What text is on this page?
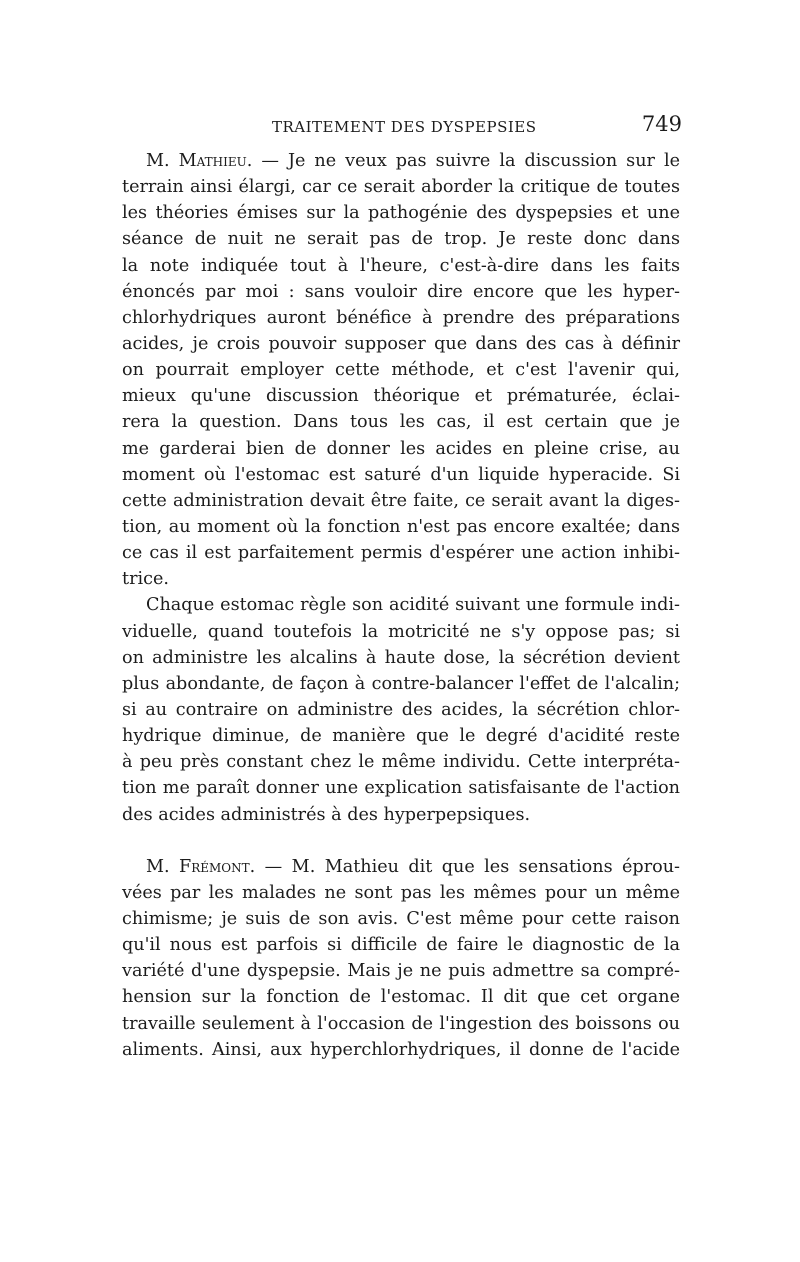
TRAITEMENT DES DYSPEPSIES	749
M. Mathieu. — Je ne veux pas suivre la discussion sur le
terrain ainsi élargi, car ce serait aborder la critique de toutes
les théories émises sur la pathogénie des dyspepsies et une
séance de nuit ne serait pas de trop. Je reste donc dans
la note indiquée tout à l'heure, c'est-à-dire dans les faits
énoncés par moi : sans vouloir dire encore que les hyper-
chlorhydriques auront bénéfice à prendre des préparations
acides, je crois pouvoir supposer que dans des cas à définir
on pourrait employer cette méthode, et c'est l'avenir qui,
mieux qu'une discussion théorique et prématurée, éclai-
rera la question. Dans tous les cas, il est certain que je
me garderai bien de donner les acides en pleine crise, au
moment où l'estomac est saturé d'un liquide hyperacide. Si
cette administration devait être faite, ce serait avant la diges-
tion, au moment où la fonction n'est pas encore exaltée; dans
ce cas il est parfaitement permis d'espérer une action inhibi-
trice.
Chaque estomac règle son acidité suivant une formule indi-
viduelle, quand toutefois la motricité ne s'y oppose pas; si
on administre les alcalins à haute dose, la sécrétion devient
plus abondante, de façon à contre-balancer l'effet de l'alcalin;
si au contraire on administre des acides, la sécrétion chlor-
hydrique diminue, de manière que le degré d'acidité reste
à peu près constant chez le même individu. Cette interpréta-
tion me paraît donner une explication satisfaisante de l'action
des acides administrés à des hyperpepsiques.
M. Frémont. — M. Mathieu dit que les sensations éprou-
vées par les malades ne sont pas les mêmes pour un même
chimisme; je suis de son avis. C'est même pour cette raison
qu'il nous est parfois si difficile de faire le diagnostic de la
variété d'une dyspepsie. Mais je ne puis admettre sa compré-
hension sur la fonction de l'estomac. Il dit que cet organe
travaille seulement à l'occasion de l'ingestion des boissons ou
aliments. Ainsi, aux hyperchlorhydriques, il donne de l'acide
